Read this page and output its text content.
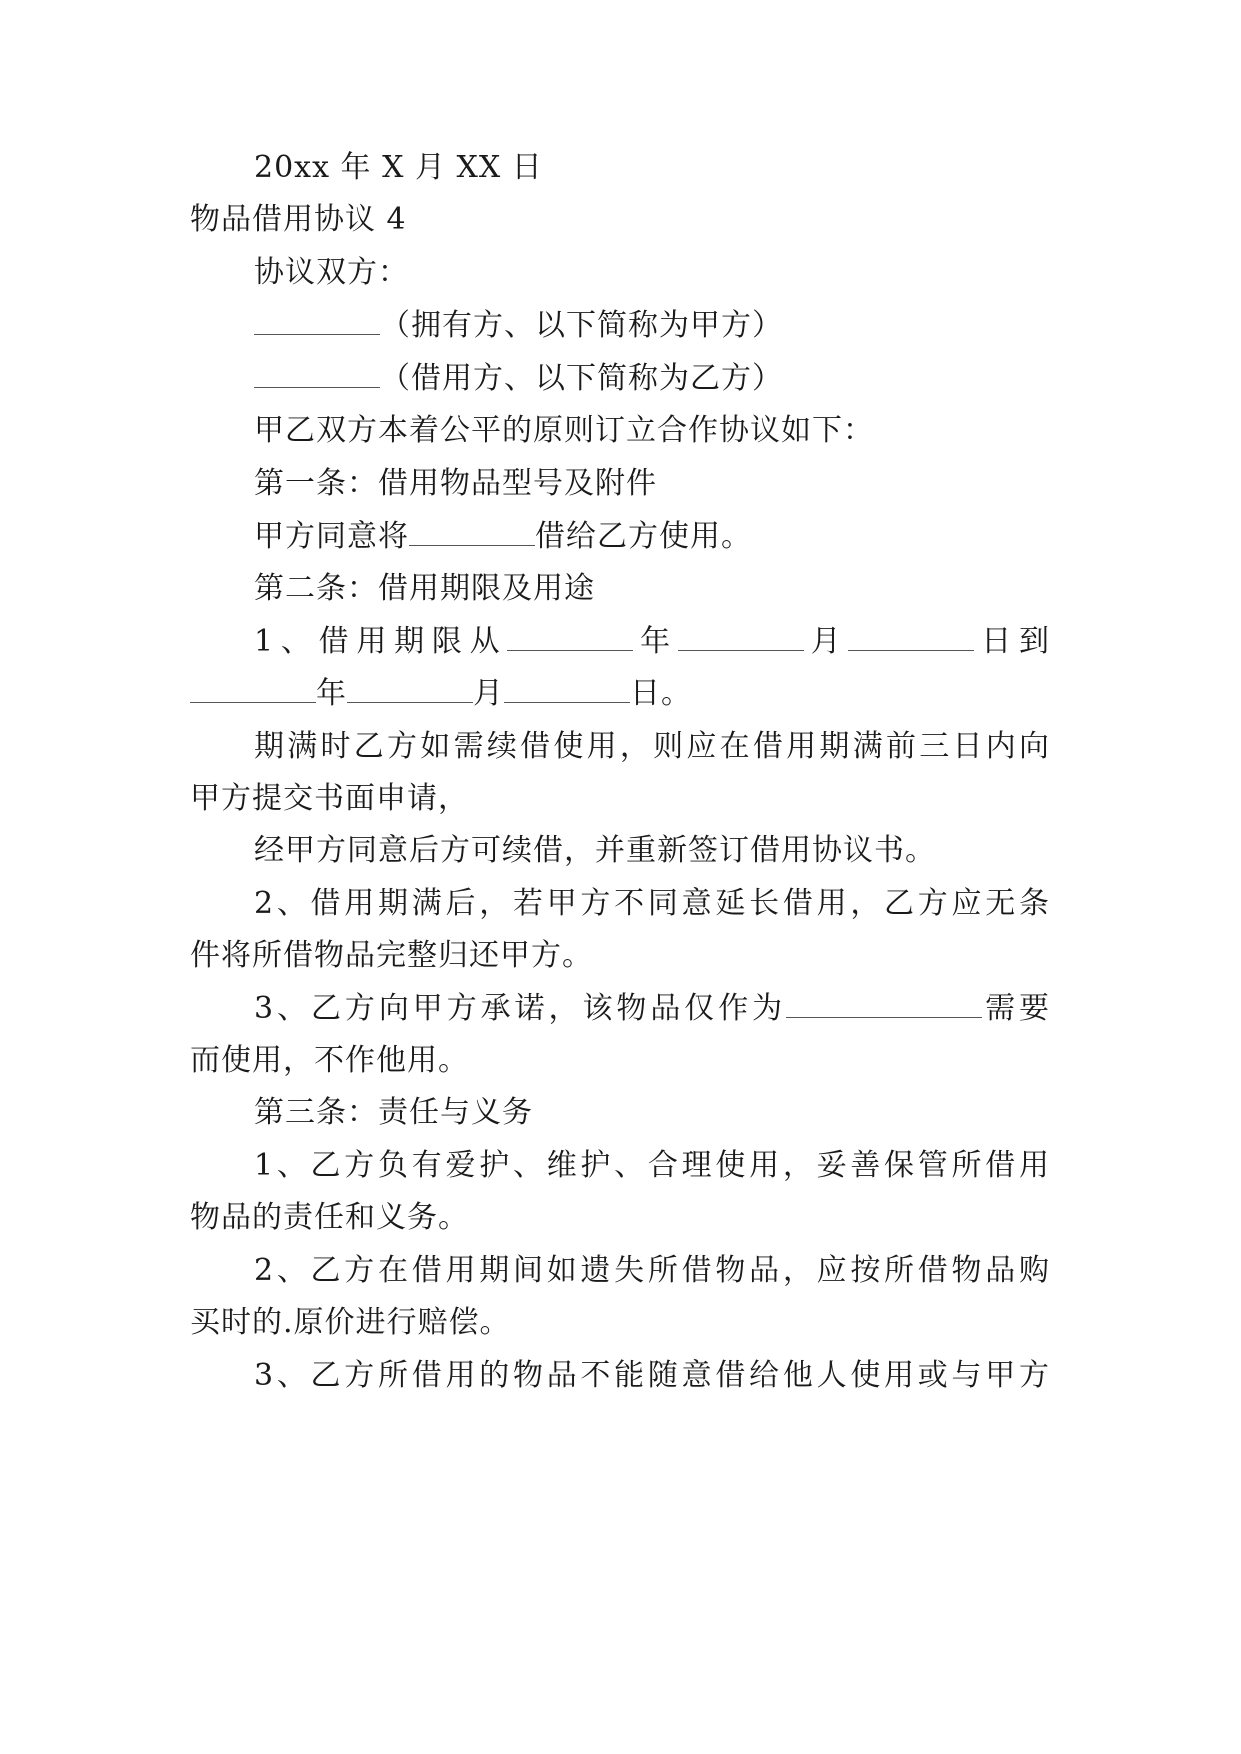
20xx 年 X 月 XX 日
物品借用协议 4
协议双方：
（拥有方、以下简称为甲方）
（借用方、以下简称为乙方）
甲乙双方本着公平的原则订立合作协议如下：
第一条：借用物品型号及附件
甲方同意将	借给乙方使用。
第二条：借用期限及用途
1、借用期限从	年	月	日到
年	月	日。
期满时乙方如需续借使用，则应在借用期满前三日内向
甲方提交书面申请，
经甲方同意后方可续借，并重新签订借用协议书。
2、借用期满后，若甲方不同意延长借用，乙方应无条
件将所借物品完整归还甲方。
3、乙方向甲方承诺，该物品仅作为	需要
而使用，不作他用。
第三条：责任与义务
1、乙方负有爱护、维护、合理使用，妥善保管所借用
物品的责任和义务。
2、乙方在借用期间如遗失所借物品，应按所借物品购
买时的.原价进行赔偿。
3、乙方所借用的物品不能随意借给他人使用或与甲方
